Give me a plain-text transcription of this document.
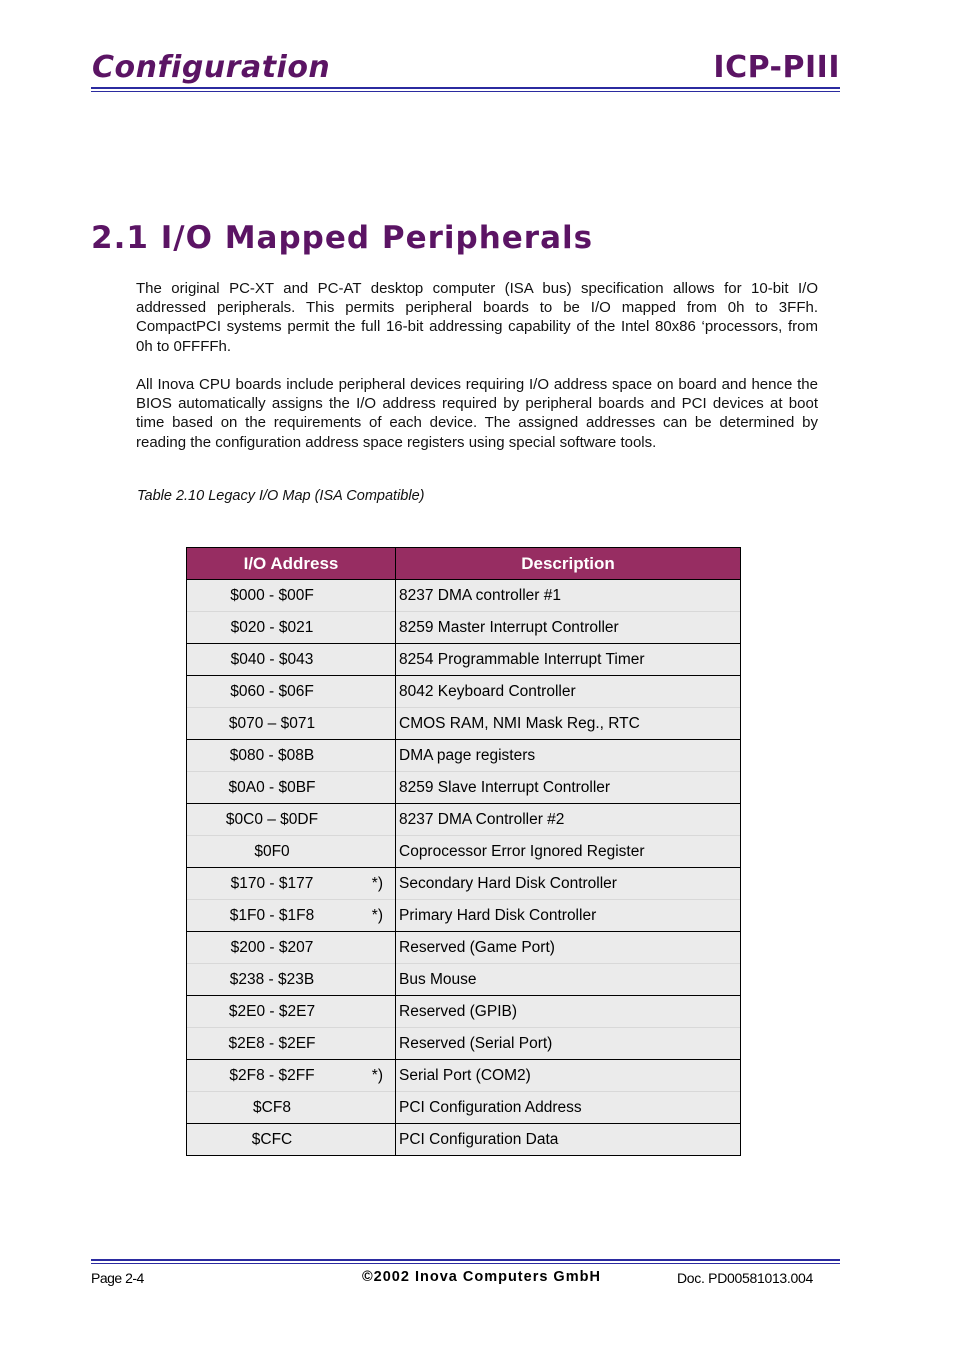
Configuration	ICP-PIII
2.1 I/O Mapped Peripherals

The original PC-XT and PC-AT desktop computer (ISA bus) specification allows for 10-bit I/O addressed peripherals. This permits peripheral boards to be I/O mapped from 0h to 3FFh. CompactPCI systems permit the full 16-bit addressing capability of the Intel 80x86 ‘processors, from 0h to 0FFFFh.

All Inova CPU boards include peripheral devices requiring I/O address space on board and hence the BIOS automatically assigns the I/O address required by peripheral boards and PCI devices at boot time based on the requirements of each device. The assigned addresses can be determined by reading the configuration address space registers using special software tools.

Table 2.10 Legacy I/O Map (ISA Compatible)
I/O Address	Description

$000 - $00F	8237 DMA controller #1

$020 - $021	8259 Master Interrupt Controller

$040 - $043	8254 Programmable Interrupt Timer

$060 - $06F	8042 Keyboard Controller

$070 – $071	CMOS RAM, NMI Mask Reg., RTC

$080 - $08B	DMA page registers

$0A0 - $0BF	8259 Slave Interrupt Controller

$0C0 – $0DF	8237 DMA Controller #2

$0F0	Coprocessor Error Ignored Register

$170 - $177 *)	Secondary Hard Disk Controller

$1F0 - $1F8 *)	Primary Hard Disk Controller

$200 - $207	Reserved (Game Port)

$238 - $23B	Bus Mouse

$2E0 - $2E7	Reserved (GPIB)

$2E8 - $2EF	Reserved (Serial Port)

$2F8 - $2FF *)	Serial Port (COM2)

$CF8	PCI Configuration Address

$CFC	PCI Configuration Data
Page 2-4	©2002 Inova Computers GmbH	Doc. PD00581013.004
